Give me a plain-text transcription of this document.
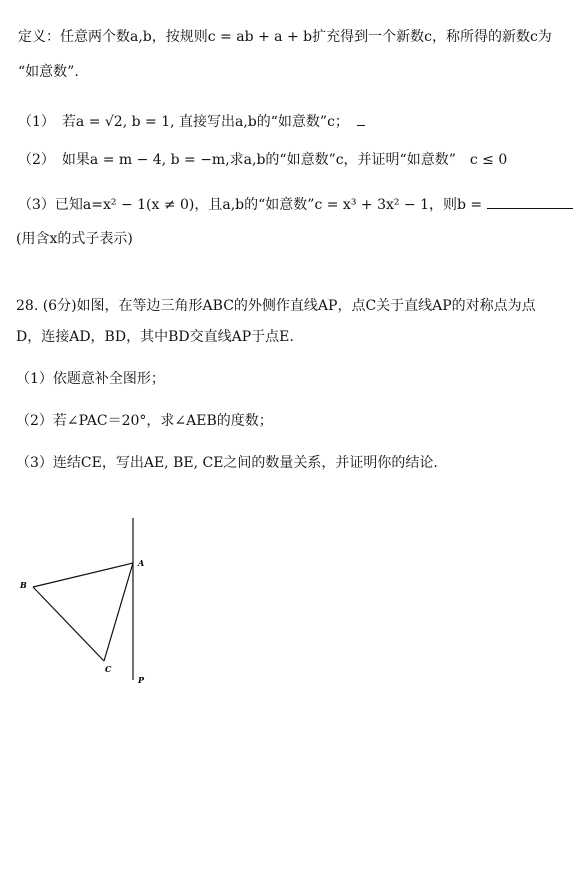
定义：任意两个数a,b，按规则c = ab + a + b扩充得到一个新数c，称所得的新数c为
“如意数”.
（1）　若a = √2, b = 1, 直接写出a,b的“如意数”c；
（2）　如果a = m − 4, b = −m,求a,b的“如意数”c，并证明“如意数”　c ≤ 0
（3）已知a=x² − 1(x ≠ 0)，且a,b的“如意数”c = x³ + 3x² − 1，则b =
(用含x的式子表示)
28. (6分)如图，在等边三角形ABC的外侧作直线AP，点C关于直线AP的对称点为点
D，连接AD，BD，其中BD交直线AP于点E.
（1）依题意补全图形；
（2）若∠PAC＝20°，求∠AEB的度数；
（3）连结CE，写出AE, BE, CE之间的数量关系，并证明你的结论.
A
B
C
P
